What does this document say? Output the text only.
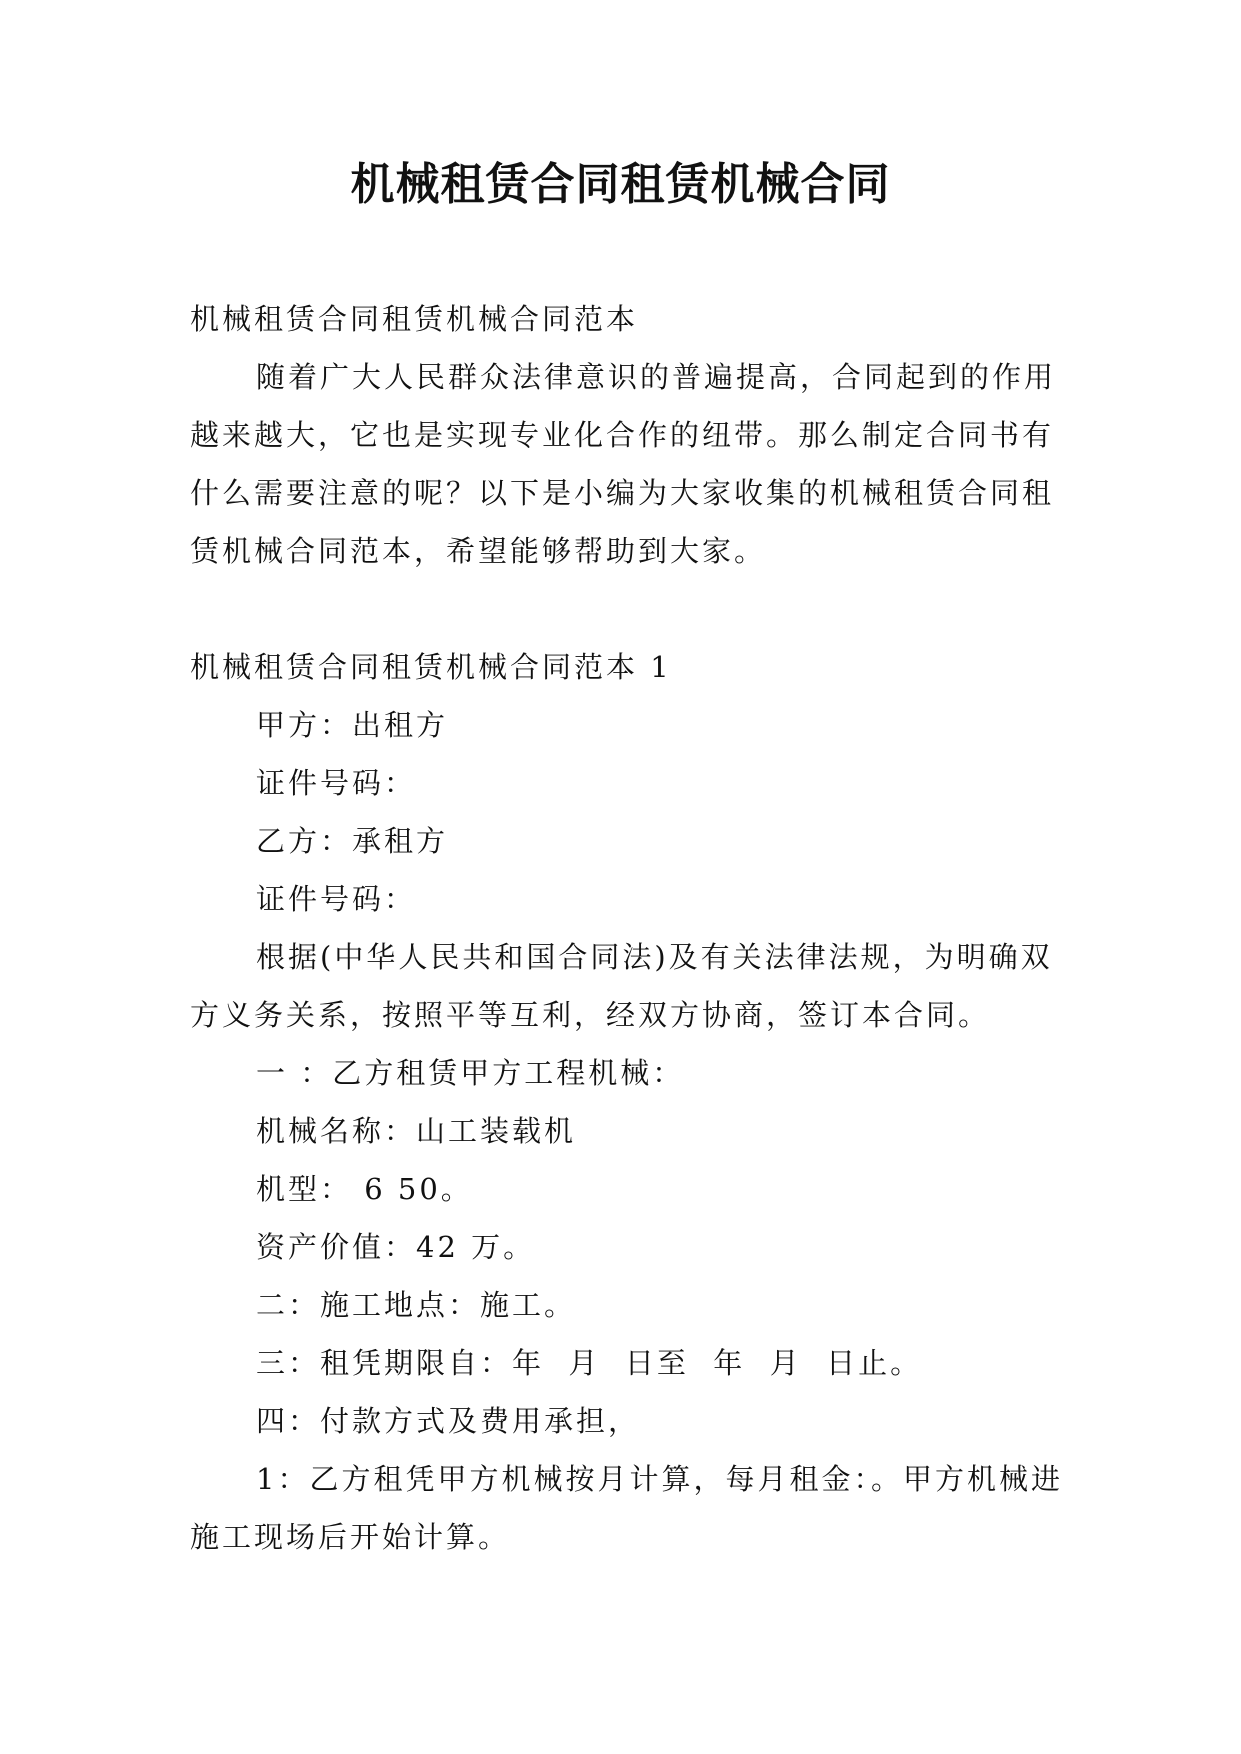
机械租赁合同租赁机械合同

机械租赁合同租赁机械合同范本

随着广大人民群众法律意识的普遍提高，合同起到的作用越来越大，它也是实现专业化合作的纽带。那么制定合同书有什么需要注意的呢？以下是小编为大家收集的机械租赁合同租赁机械合同范本，希望能够帮助到大家。

机械租赁合同租赁机械合同范本 1

甲方：出租方

证件号码：

乙方：承租方

证件号码：

根据(中华人民共和国合同法)及有关法律法规，为明确双方义务关系，按照平等互利，经双方协商，签订本合同。

一 ：乙方租赁甲方工程机械：

机械名称：山工装载机

机型： 6 50。

资产价值：42 万。

二：施工地点：施工。

三：租凭期限自：年  月  日至  年  月  日止。

四：付款方式及费用承担，

1：乙方租凭甲方机械按月计算，每月租金：。甲方机械进施工现场后开始计算。
